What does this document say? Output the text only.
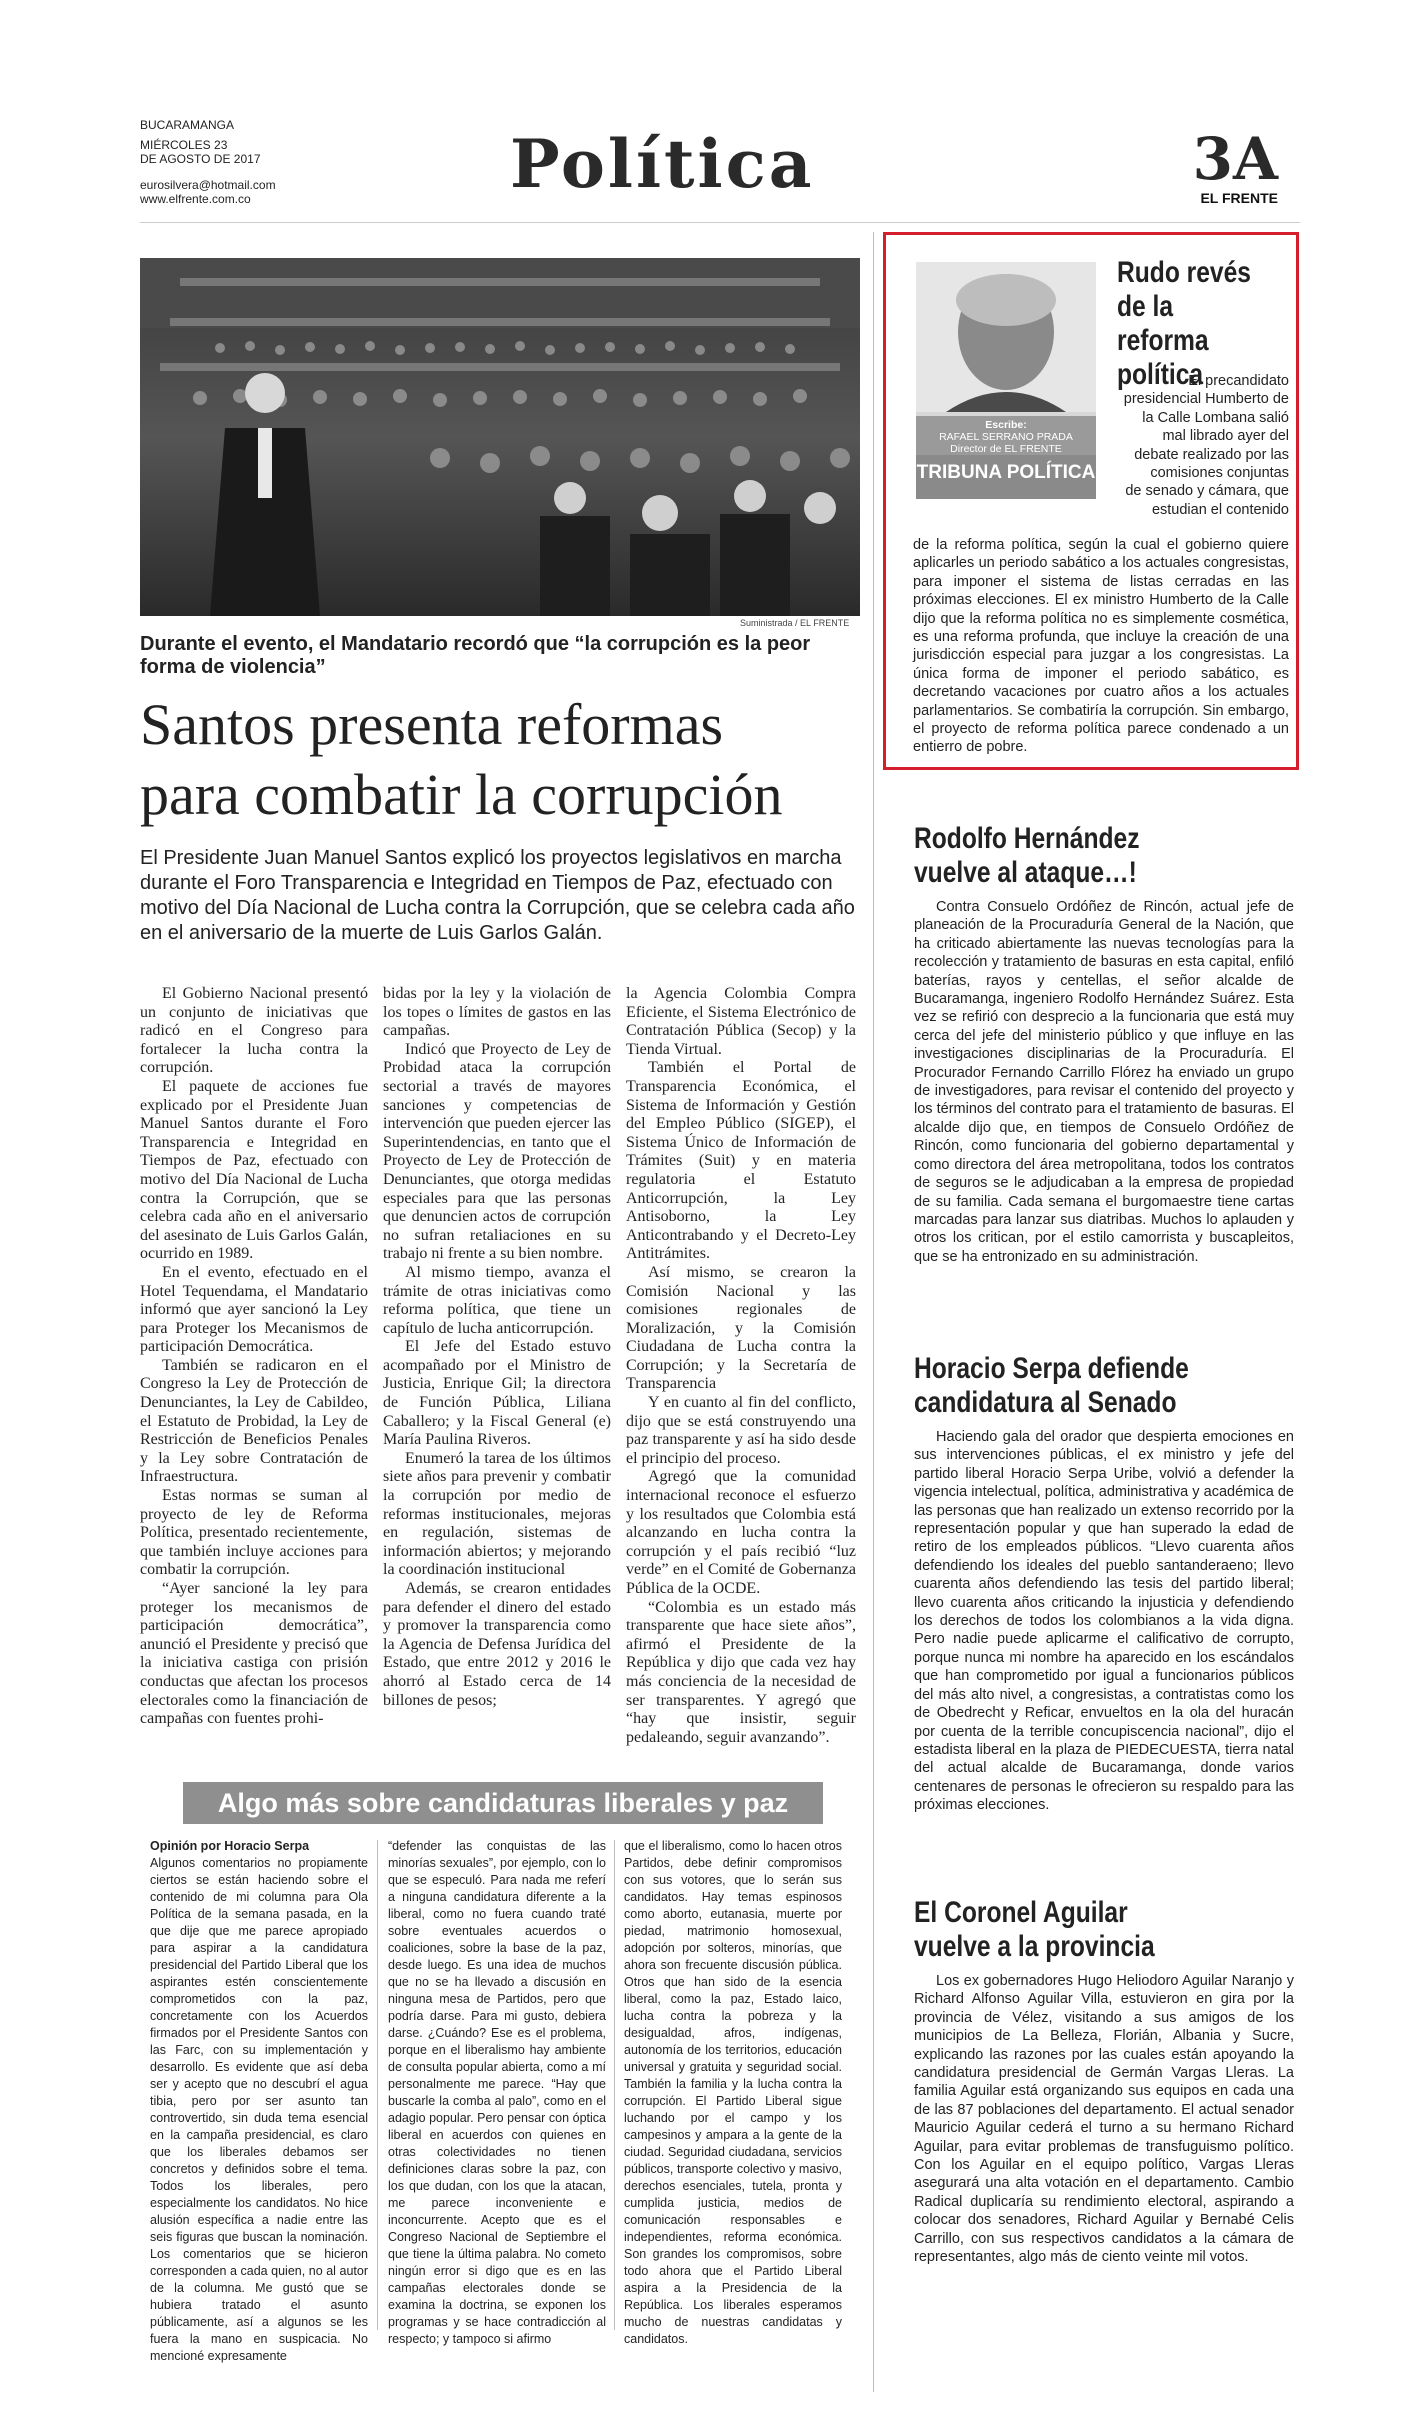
BUCARAMANGA
MIÉRCOLES 23
DE AGOSTO DE 2017
eurosilvera@hotmail.com
www.elfrente.com.co	Política	3A
EL FRENTE
Suministrada / EL FRENTE
Durante el evento, el Mandatario recordó que “la corrupción es la peor forma de violencia”
Santos presenta reformas
para combatir la corrupción
El Presidente Juan Manuel Santos explicó los proyectos legislativos en marcha durante el Foro Transparencia e Integridad en Tiempos de Paz, efectuado con motivo del Día Nacional de Lucha contra la Corrupción, que se celebra cada año en el aniversario de la muerte de Luis Garlos Galán.

El Gobierno Nacional presentó un conjunto de iniciativas que radicó en el Congreso para fortalecer la lucha contra la corrupción.

El paquete de acciones fue explicado por el Presidente Juan Manuel Santos durante el Foro Transparencia e Integridad en Tiempos de Paz, efectuado con motivo del Día Nacional de Lucha contra la Corrupción, que se celebra cada año en el aniversario del asesinato de Luis Garlos Galán, ocurrido en 1989.

En el evento, efectuado en el Hotel Tequendama, el Mandatario informó que ayer sancionó la Ley para Proteger los Mecanismos de participación Democrática.

También se radicaron en el Congreso la Ley de Protección de Denunciantes, la Ley de Cabildeo, el Estatuto de Probidad, la Ley de Restricción de Beneficios Penales y la Ley sobre Contratación de Infraestructura.

Estas normas se suman al proyecto de ley de Reforma Política, presentado recientemente, que también incluye acciones para combatir la corrupción.

“Ayer sancioné la ley para proteger los mecanismos de participación democrática”, anunció el Presidente y precisó que la iniciativa castiga con prisión conductas que afectan los procesos electorales como la financiación de campañas con fuentes prohi-

bidas por la ley y la violación de los topes o límites de gastos en las campañas.

Indicó que Proyecto de Ley de Probidad ataca la corrupción sectorial a través de mayores sanciones y competencias de intervención que pueden ejercer las Superintendencias, en tanto que el Proyecto de Ley de Protección de Denunciantes, que otorga medidas especiales para que las personas que denuncien actos de corrupción no sufran retaliaciones en su trabajo ni frente a su bien nombre.

Al mismo tiempo, avanza el trámite de otras iniciativas como reforma política, que tiene un capítulo de lucha anticorrupción.

El Jefe del Estado estuvo acompañado por el Ministro de Justicia, Enrique Gil; la directora de Función Pública, Liliana Caballero; y la Fiscal General (e) María Paulina Riveros.

Enumeró la tarea de los últimos siete años para prevenir y combatir la corrupción por medio de reformas institucionales, mejoras en regulación, sistemas de información abiertos; y mejorando la coordinación institucional

Además, se crearon entidades para defender el dinero del estado y promover la transparencia como la Agencia de Defensa Jurídica del Estado, que entre 2012 y 2016 le ahorró al Estado cerca de 14 billones de pesos;

la Agencia Colombia Compra Eficiente, el Sistema Electrónico de Contratación Pública (Secop) y la Tienda Virtual.

También el Portal de Transparencia Económica, el Sistema de Información y Gestión del Empleo Público (SIGEP), el Sistema Único de Información de Trámites (Suit) y en materia regulatoria el Estatuto Anticorrupción, la Ley Antisoborno, la Ley Anticontrabando y el Decreto-Ley Antitrámites.

Así mismo, se crearon la Comisión Nacional y las comisiones regionales de Moralización, y la Comisión Ciudadana de Lucha contra la Corrupción; y la Secretaría de Transparencia

Y en cuanto al fin del conflicto, dijo que se está construyendo una paz transparente y así ha sido desde el principio del proceso.

Agregó que la comunidad internacional reconoce el esfuerzo y los resultados que Colombia está alcanzando en lucha contra la corrupción y el país recibió “luz verde” en el Comité de Gobernanza Pública de la OCDE.

“Colombia es un estado más transparente que hace siete años”, afirmó el Presidente de la República y dijo que cada vez hay más conciencia de la necesidad de ser transparentes. Y agregó que “hay que insistir, seguir pedaleando, seguir avanzando”.

Escribe:
RAFAEL SERRANO PRADA
Director de EL FRENTE
TRIBUNA POLÍTICA
Rudo revés
de la reforma
política
El precandidato presidencial Humberto de
la Calle Lombana salió
mal librado ayer del
debate realizado por las
comisiones conjuntas
de senado y cámara, que
estudian el contenido
de la reforma política, según la cual el gobierno quiere aplicarles un periodo sabático a los actuales congresistas, para imponer el sistema de listas cerradas en las próximas elecciones. El ex ministro Humberto de la Calle dijo que la reforma política no es simplemente cosmética, es una reforma profunda, que incluye la creación de una jurisdicción especial para juzgar a los congresistas. La única forma de imponer el periodo sabático, es decretando vacaciones por cuatro años a los actuales parlamentarios. Se combatiría la corrupción. Sin embargo, el proyecto de reforma política parece condenado a un entierro de pobre.
Rodolfo Hernández
vuelve al ataque…!
Contra Consuelo Ordóñez de Rincón, actual jefe de planeación de la Procuraduría General de la Nación, que ha criticado abiertamente las nuevas tecnologías para la recolección y tratamiento de basuras en esta capital, enfiló baterías, rayos y centellas, el señor alcalde de Bucaramanga, ingeniero Rodolfo Hernández Suárez. Esta vez se refirió con desprecio a la funcionaria que está muy cerca del jefe del ministerio público y que influye en las investigaciones disciplinarias de la Procuraduría. El Procurador Fernando Carrillo Flórez ha enviado un grupo de investigadores, para revisar el contenido del proyecto y los términos del contrato para el tratamiento de basuras. El alcalde dijo que, en tiempos de Consuelo Ordóñez de Rincón, como funcionaria del gobierno departamental y como directora del área metropolitana, todos los contratos de seguros se le adjudicaban a la empresa de propiedad de su familia. Cada semana el burgomaestre tiene cartas marcadas para lanzar sus diatribas. Muchos lo aplauden y otros los critican, por el estilo camorrista y buscapleitos, que se ha entronizado en su administración.
Horacio Serpa defiende
candidatura al Senado
Haciendo gala del orador que despierta emociones en sus intervenciones públicas, el ex ministro y jefe del partido liberal Horacio Serpa Uribe, volvió a defender la vigencia intelectual, política, administrativa y académica de las personas que han realizado un extenso recorrido por la representación popular y que han superado la edad de retiro de los empleados públicos. “Llevo cuarenta años defendiendo los ideales del pueblo santanderaeno; llevo cuarenta años defendiendo las tesis del partido liberal; llevo cuarenta años criticando la injusticia y defendiendo los derechos de todos los colombianos a la vida digna. Pero nadie puede aplicarme el calificativo de corrupto, porque nunca mi nombre ha aparecido en los escándalos que han comprometido por igual a funcionarios públicos del más alto nivel, a congresistas, a contratistas como los de Obedrecht y Reficar, envueltos en la ola del huracán por cuenta de la terrible concupiscencia nacional”, dijo el estadista liberal en la plaza de PIEDECUESTA, tierra natal del actual alcalde de Bucaramanga, donde varios centenares de personas le ofrecieron su respaldo para las próximas elecciones.
El Coronel Aguilar
vuelve a la provincia
Los ex gobernadores Hugo Heliodoro Aguilar Naranjo y Richard Alfonso Aguilar Villa, estuvieron en gira por la provincia de Vélez, visitando a sus amigos de los municipios de La Belleza, Florián, Albania y Sucre, explicando las razones por las cuales están apoyando la candidatura presidencial de Germán Vargas Lleras. La familia Aguilar está organizando sus equipos en cada una de las 87 poblaciones del departamento. El actual senador Mauricio Aguilar cederá el turno a su hermano Richard Aguilar, para evitar problemas de transfuguismo político. Con los Aguilar en el equipo político, Vargas Lleras asegurará una alta votación en el departamento. Cambio Radical duplicaría su rendimiento electoral, aspirando a colocar dos senadores, Richard Aguilar y Bernabé Celis Carrillo, con sus respectivos candidatos a la cámara de representantes, algo más de ciento veinte mil votos.
Algo más sobre candidaturas liberales y paz
Opinión por Horacio Serpa
Algunos comentarios no propiamente ciertos se están haciendo sobre el contenido de mi columna para Ola Política de la semana pasada, en la que dije que me parece apropiado para aspirar a la candidatura presidencial del Partido Liberal que los aspirantes estén conscientemente comprometidos con la paz, concretamente con los Acuerdos firmados por el Presidente Santos con las Farc, con su implementación y desarrollo. Es evidente que así deba ser y acepto que no descubrí el agua tibia, pero por ser asunto tan controvertido, sin duda tema esencial en la campaña presidencial, es claro que los liberales debamos ser concretos y definidos sobre el tema. Todos los liberales, pero especialmente los candidatos. No hice alusión específica a nadie entre las seis figuras que buscan la nominación. Los comentarios que se hicieron corresponden a cada quien, no al autor de la columna. Me gustó que se hubiera tratado el asunto públicamente, así a algunos se les fuera la mano en suspicacia. No mencioné expresamente
“defender las conquistas de las minorías sexuales”, por ejemplo, con lo que se especuló. Para nada me referí a ninguna candidatura diferente a la liberal, como no fuera cuando traté sobre eventuales acuerdos o coaliciones, sobre la base de la paz, desde luego. Es una idea de muchos que no se ha llevado a discusión en ninguna mesa de Partidos, pero que podría darse. Para mi gusto, debiera darse. ¿Cuándo? Ese es el problema, porque en el liberalismo hay ambiente de consulta popular abierta, como a mí personalmente me parece. “Hay que buscarle la comba al palo”, como en el adagio popular. Pero pensar con óptica liberal en acuerdos con quienes en otras colectividades no tienen definiciones claras sobre la paz, con los que dudan, con los que la atacan, me parece inconveniente e inconcurrente. Acepto que es el Congreso Nacional de Septiembre el que tiene la última palabra. No cometo ningún error si digo que es en las campañas electorales donde se examina la doctrina, se exponen los programas y se hace contradicción al respecto; y tampoco si afirmo
que el liberalismo, como lo hacen otros Partidos, debe definir compromisos con sus votores, que lo serán sus candidatos. Hay temas espinosos como aborto, eutanasia, muerte por piedad, matrimonio homosexual, adopción por solteros, minorías, que ahora son frecuente discusión pública. Otros que han sido de la esencia liberal, como la paz, Estado laico, lucha contra la pobreza y la desigualdad, afros, indígenas, autonomía de los territorios, educación universal y gratuita y seguridad social. También la familia y la lucha contra la corrupción. El Partido Liberal sigue luchando por el campo y los campesinos y ampara a la gente de la ciudad. Seguridad ciudadana, servicios públicos, transporte colectivo y masivo, derechos esenciales, tutela, pronta y cumplida justicia, medios de comunicación responsables e independientes, reforma económica. Son grandes los compromisos, sobre todo ahora que el Partido Liberal aspira a la Presidencia de la República. Los liberales esperamos mucho de nuestras candidatas y candidatos.
